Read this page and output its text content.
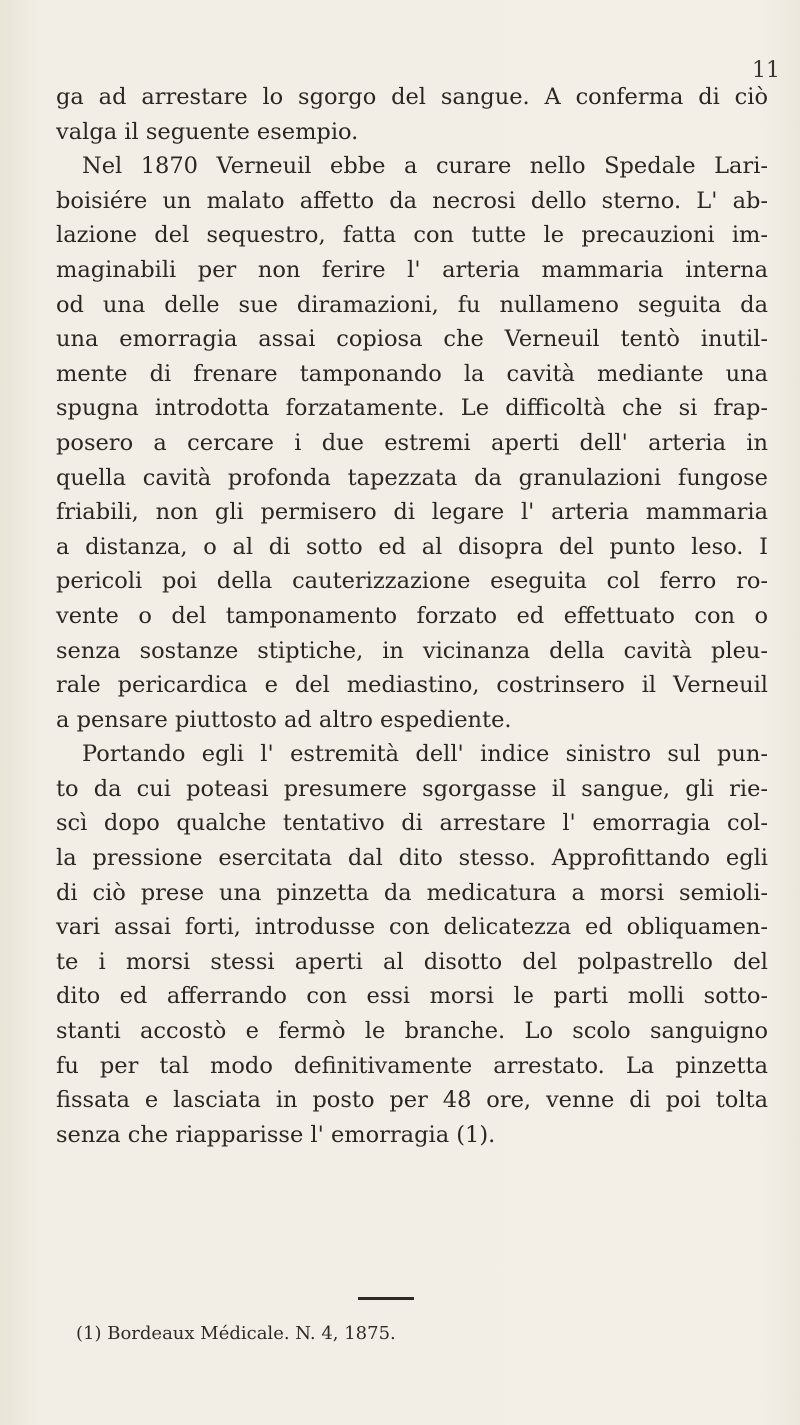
11
ga ad arrestare lo sgorgo del sangue. A conferma di ciò
valga il seguente esempio.
Nel 1870 Verneuil ebbe a curare nello Spedale Lari-
boisiére un malato affetto da necrosi dello sterno. L' ab-
lazione del sequestro, fatta con tutte le precauzioni im-
maginabili per non ferire l' arteria mammaria interna
od una delle sue diramazioni, fu nullameno seguita da
una emorragia assai copiosa che Verneuil tentò inutil-
mente di frenare tamponando la cavità mediante una
spugna introdotta forzatamente. Le difficoltà che si frap-
posero a cercare i due estremi aperti dell' arteria in
quella cavità profonda tapezzata da granulazioni fungose
friabili, non gli permisero di legare l' arteria mammaria
a distanza, o al di sotto ed al disopra del punto leso. I
pericoli poi della cauterizzazione eseguita col ferro ro-
vente o del tamponamento forzato ed effettuato con o
senza sostanze stiptiche, in vicinanza della cavità pleu-
rale pericardica e del mediastino, costrinsero il Verneuil
a pensare piuttosto ad altro espediente.
Portando egli l' estremità dell' indice sinistro sul pun-
to da cui poteasi presumere sgorgasse il sangue, gli rie-
scì dopo qualche tentativo di arrestare l' emorragia col-
la pressione esercitata dal dito stesso. Approfittando egli
di ciò prese una pinzetta da medicatura a morsi semioli-
vari assai forti, introdusse con delicatezza ed obliquamen-
te i morsi stessi aperti al disotto del polpastrello del
dito ed afferrando con essi morsi le parti molli sotto-
stanti accostò e fermò le branche. Lo scolo sanguigno
fu per tal modo definitivamente arrestato. La pinzetta
fissata e lasciata in posto per 48 ore, venne di poi tolta
senza che riapparisse l' emorragia (1).
(1) Bordeaux Médicale. N. 4, 1875.
